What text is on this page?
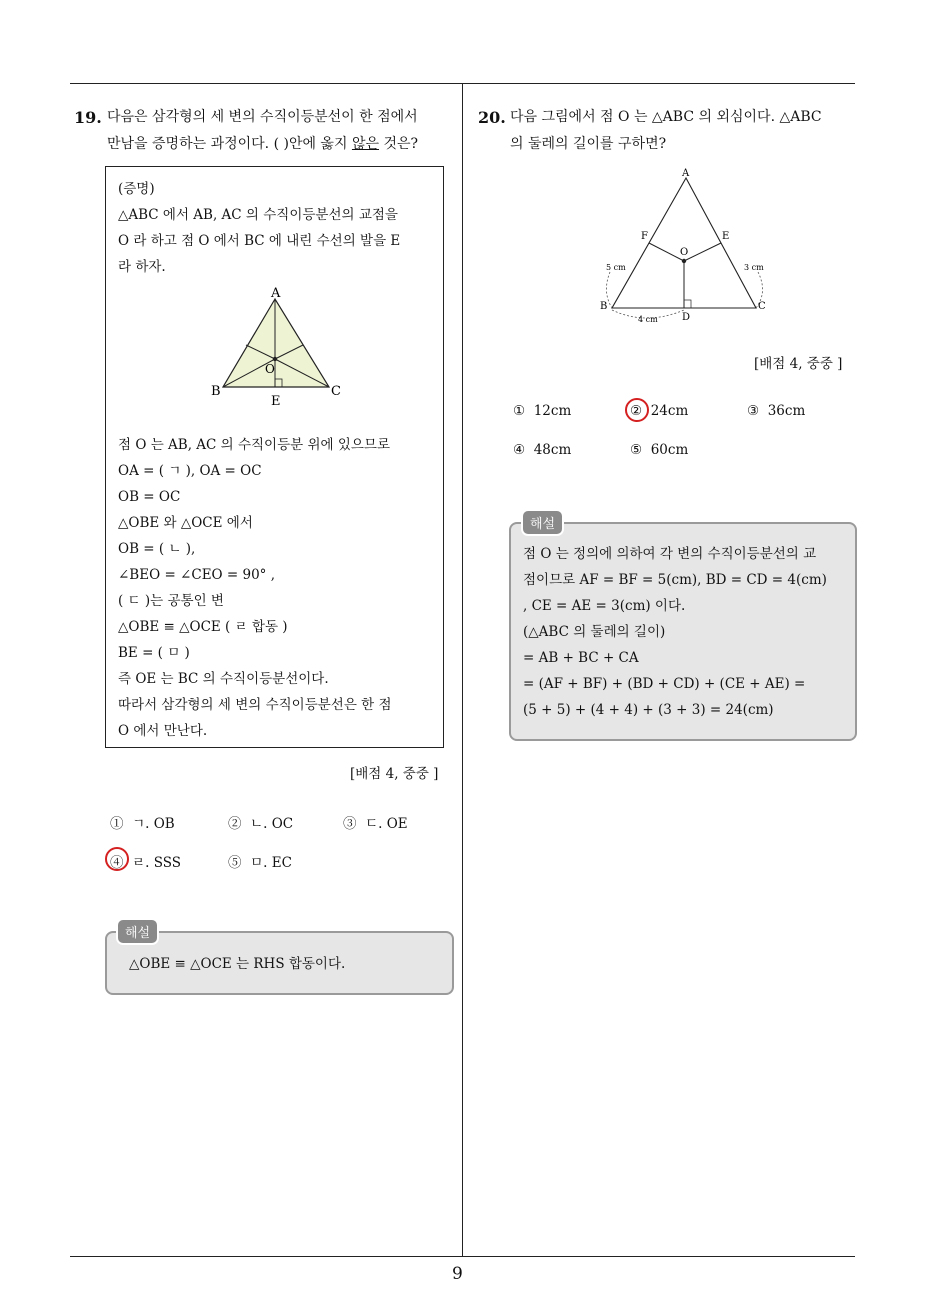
9
19. 다음은 삼각형의 세 변의 수직이등분선이 한 점에서
만남을 증명하는 과정이다. ( )안에 옳지 않은 것은?
(증명)
△ABC 에서 AB, AC 의 수직이등분선의 교점을
O 라 하고 점 O 에서 BC 에 내린 수선의 발을 E
라 하자.
A
B	C
O
E
점 O 는 AB, AC 의 수직이등분 위에 있으므로
OA = ( ㄱ ), OA = OC
OB = OC
△OBE 와 △OCE 에서
OB = ( ㄴ ),
∠BEO = ∠CEO = 90° ,
( ㄷ )는 공통인 변
△OBE ≡ △OCE ( ㄹ 합동 )
BE = ( ㅁ )
즉 OE 는 BC 의 수직이등분선이다.
따라서 삼각형의 세 변의 수직이등분선은 한 점
O 에서 만난다.
[배점 4, 중중 ]
① ㄱ. OB	② ㄴ. OC	③ ㄷ. OE
④ ㄹ. SSS	⑤ ㅁ. EC
△OBE ≡ △OCE 는 RHS 합동이다.
해설
20. 다음 그림에서 점 O 는 △ABC 의 외심이다. △ABC
의 둘레의 길이를 구하면?
A
B	C
D
E
F
O
5 cm	3 cm
4 cm
[배점 4, 중중 ]
① 12cm	② 24cm	③ 36cm
④ 48cm	⑤ 60cm
점 O 는 정의에 의하여 각 변의 수직이등분선의 교
점이므로 AF = BF = 5(cm), BD = CD = 4(cm)
, CE = AE = 3(cm) 이다.
(△ABC 의 둘레의 길이)
= AB + BC + CA
= (AF + BF) + (BD + CD) + (CE + AE) =
(5 + 5) + (4 + 4) + (3 + 3) = 24(cm)
해설
